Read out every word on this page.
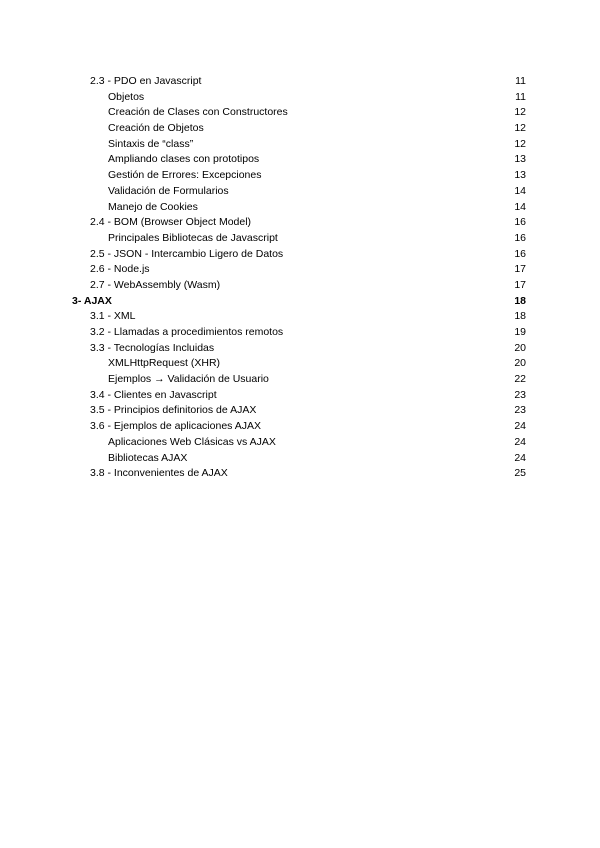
2.3 - PDO en Javascript	11
Objetos	11
Creación de Clases con Constructores	12
Creación de Objetos	12
Sintaxis de “class”	12
Ampliando clases con prototipos	13
Gestión de Errores: Excepciones	13
Validación de Formularios	14
Manejo de Cookies	14
2.4 - BOM (Browser Object Model)	16
Principales Bibliotecas de Javascript	16
2.5 - JSON - Intercambio Ligero de Datos	16
2.6 - Node.js	17
2.7 - WebAssembly (Wasm)	17
3- AJAX	18
3.1 - XML	18
3.2 - Llamadas a procedimientos remotos	19
3.3 - Tecnologías Incluidas	20
XMLHttpRequest (XHR)	20
Ejemplos → Validación de Usuario	22
3.4 - Clientes en Javascript	23
3.5 - Principios definitorios de AJAX	23
3.6 - Ejemplos de aplicaciones AJAX	24
Aplicaciones Web Clásicas vs AJAX	24
Bibliotecas AJAX	24
3.8 - Inconvenientes de AJAX	25
